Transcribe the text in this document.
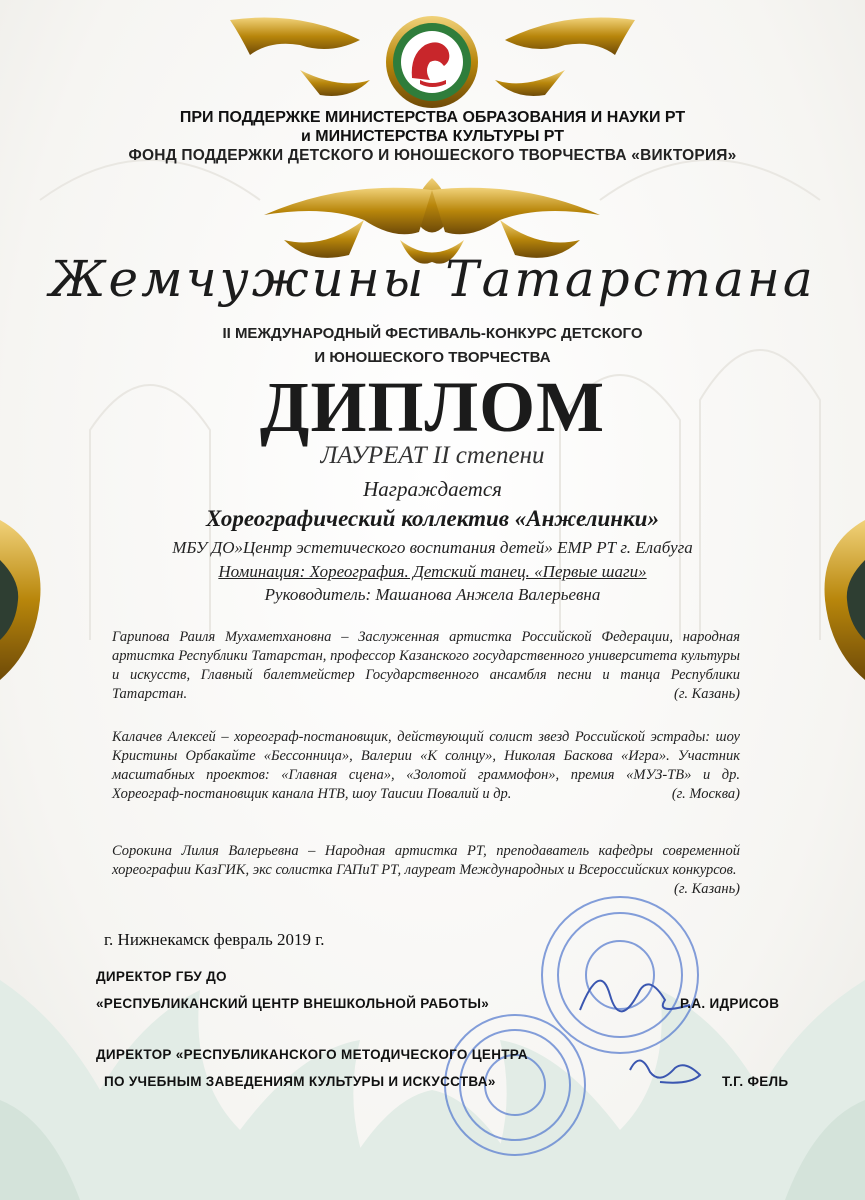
ПРИ ПОДДЕРЖКЕ МИНИСТЕРСТВА ОБРАЗОВАНИЯ И НАУКИ РТ
и МИНИСТЕРСТВА КУЛЬТУРЫ РТ
ФОНД ПОДДЕРЖКИ ДЕТСКОГО И ЮНОШЕСКОГО ТВОРЧЕСТВА «ВИКТОРИЯ»
Жемчужины Татарстана
II МЕЖДУНАРОДНЫЙ ФЕСТИВАЛЬ-КОНКУРС ДЕТСКОГО
И ЮНОШЕСКОГО ТВОРЧЕСТВА
ДИПЛОМ
ЛАУРЕАТ II степени
Награждается
Хореографический коллектив «Анжелинки»
МБУ ДО»Центр эстетического воспитания детей» ЕМР РТ г. Елабуга
Номинация: Хореография. Детский танец. «Первые шаги»
Руководитель: Машанова Анжела Валерьевна
Гарипова Раиля Мухаметхановна – Заслуженная артистка Российской Федерации, народная артистка Республики Татарстан, профессор Казанского государственного университета культуры и искусств, Главный балетмейстер Государственного ансамбля песни и танца Республики Татарстан.	(г. Казань)
Калачев Алексей – хореограф-постановщик, действующий солист звезд Российской эстрады: шоу Кристины Орбакайте «Бессонница», Валерии «К солнцу», Николая Баскова «Игра». Участник масштабных проектов: «Главная сцена», «Золотой граммофон», премия «МУЗ-ТВ» и др. Хореограф-постановщик канала НТВ, шоу Таисии Повалий и др.	(г. Москва)
Сорокина Лилия Валерьевна – Народная артистка РТ, преподаватель кафедры современной хореографии КазГИК, экс солистка ГАПиТ РТ, лауреат Международных и Всероссийских конкурсов.
(г. Казань)
г. Нижнекамск февраль 2019 г.
ДИРЕКТОР ГБУ ДО
«РЕСПУБЛИКАНСКИЙ ЦЕНТР ВНЕШКОЛЬНОЙ РАБОТЫ»	Р.А. ИДРИСОВ
ДИРЕКТОР «РЕСПУБЛИКАНСКОГО МЕТОДИЧЕСКОГО ЦЕНТРА
ПО УЧЕБНЫМ ЗАВЕДЕНИЯМ КУЛЬТУРЫ И ИСКУССТВА»	Т.Г. ФЕЛЬ
